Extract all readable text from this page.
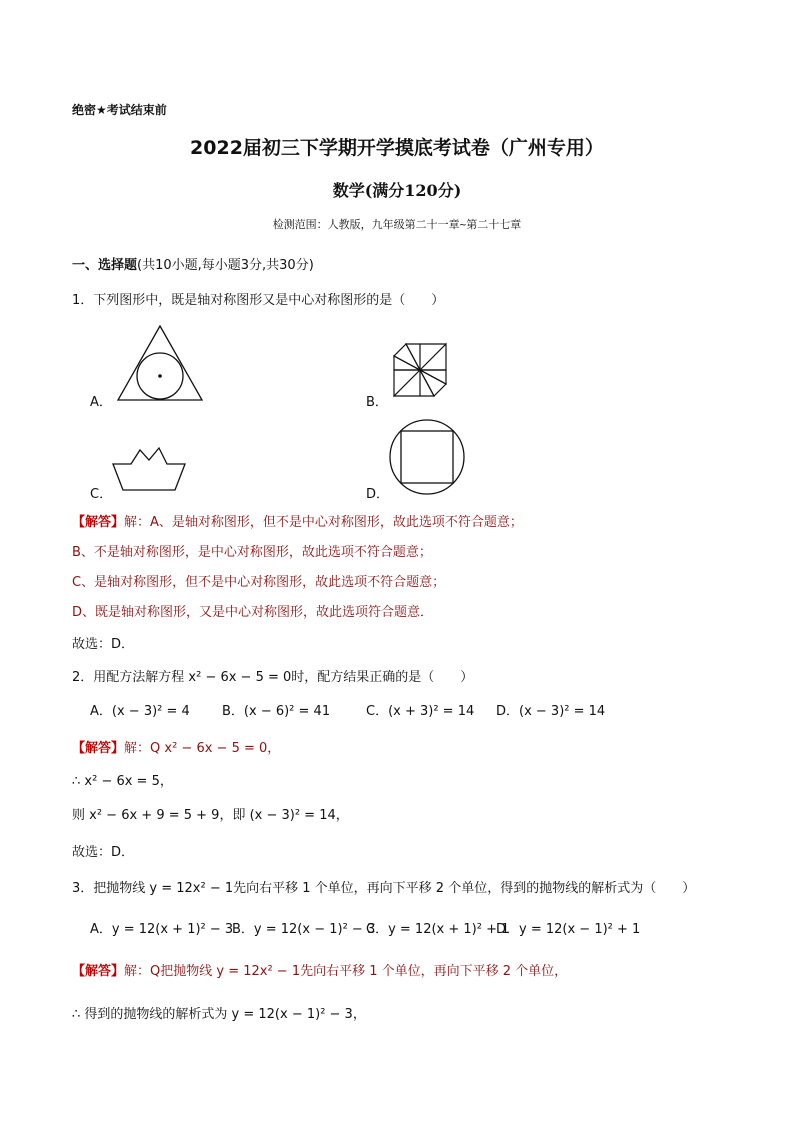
绝密★考试结束前
2022届初三下学期开学摸底考试卷（广州专用）
数学(满分120分)
检测范围：人教版，九年级第二十一章~第二十七章
一、选择题(共10小题,每小题3分,共30分)
1．下列图形中，既是轴对称图形又是中心对称图形的是（　　）
A．	B．
C．	D．
【解答】解：A、是轴对称图形，但不是中心对称图形，故此选项不符合题意；
B、不是轴对称图形，是中心对称图形，故此选项不符合题意；
C、是轴对称图形，但不是中心对称图形，故此选项不符合题意；
D、既是轴对称图形，又是中心对称图形，故此选项符合题意．
故选：D．
2．用配方法解方程 x² − 6x − 5 = 0时，配方结果正确的是（　　）
A．(x − 3)² = 4 B．(x − 6)² = 41	C．(x + 3)² = 14 D．(x − 3)² = 14
【解答】解：Q x² − 6x − 5 = 0，
∴ x² − 6x = 5，
则 x² − 6x + 9 = 5 + 9，即 (x − 3)² = 14，
故选：D．
3．把抛物线 y = 12x² − 1先向右平移 1 个单位，再向下平移 2 个单位，得到的抛物线的解析式为（　　）
A．y = 12(x + 1)² − 3
B．y = 12(x − 1)² − 3
C．y = 12(x + 1)² + 1
D．y = 12(x − 1)² + 1
【解答】解：Q把抛物线 y = 12x² − 1先向右平移 1 个单位，再向下平移 2 个单位，
∴ 得到的抛物线的解析式为 y = 12(x − 1)² − 3，
